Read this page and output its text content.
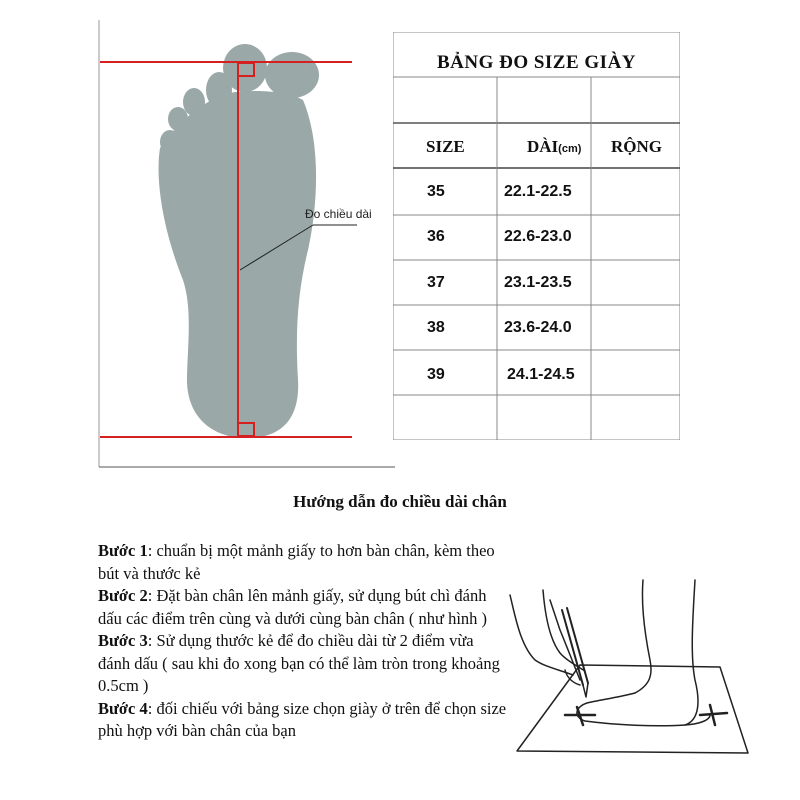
Đo chiều dài
BẢNG ĐO SIZE GIÀY
SIZE	DÀI(cm) RỘNG
35	22.1-22.5
36	22.6-23.0
37	23.1-23.5
38	23.6-24.0
39	24.1-24.5
Hướng dẫn đo chiều dài chân

Bước 1: chuẩn bị một mảnh giấy to hơn bàn chân, kèm theo bút và thước kẻ

Bước 2: Đặt bàn chân lên mảnh giấy, sử dụng bút chì đánh dấu các điểm trên cùng và dưới cùng bàn chân ( như hình )

Bước 3: Sử dụng thước kẻ để đo chiều dài từ 2 điểm vừa đánh dấu ( sau khi đo xong bạn có thể làm tròn trong khoảng 0.5cm )

Bước 4: đối chiếu với bảng size chọn giày ở trên để chọn size phù hợp với bàn chân của bạn
